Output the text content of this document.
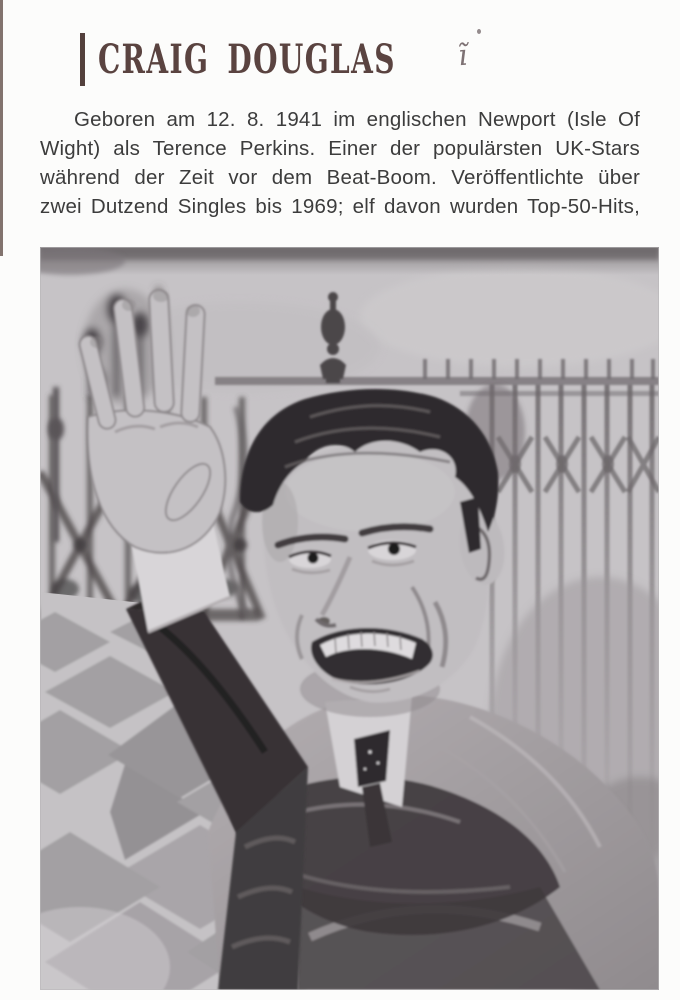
CRAIG DOUGLAS ĩ

Geboren am 12. 8. 1941 im englischen Newport (Isle Of

Wight) als Terence Perkins. Einer der populärsten UK-Stars

während der Zeit vor dem Beat-Boom. Veröffentlichte über

zwei Dutzend Singles bis 1969; elf davon wurden Top-50-Hits,
